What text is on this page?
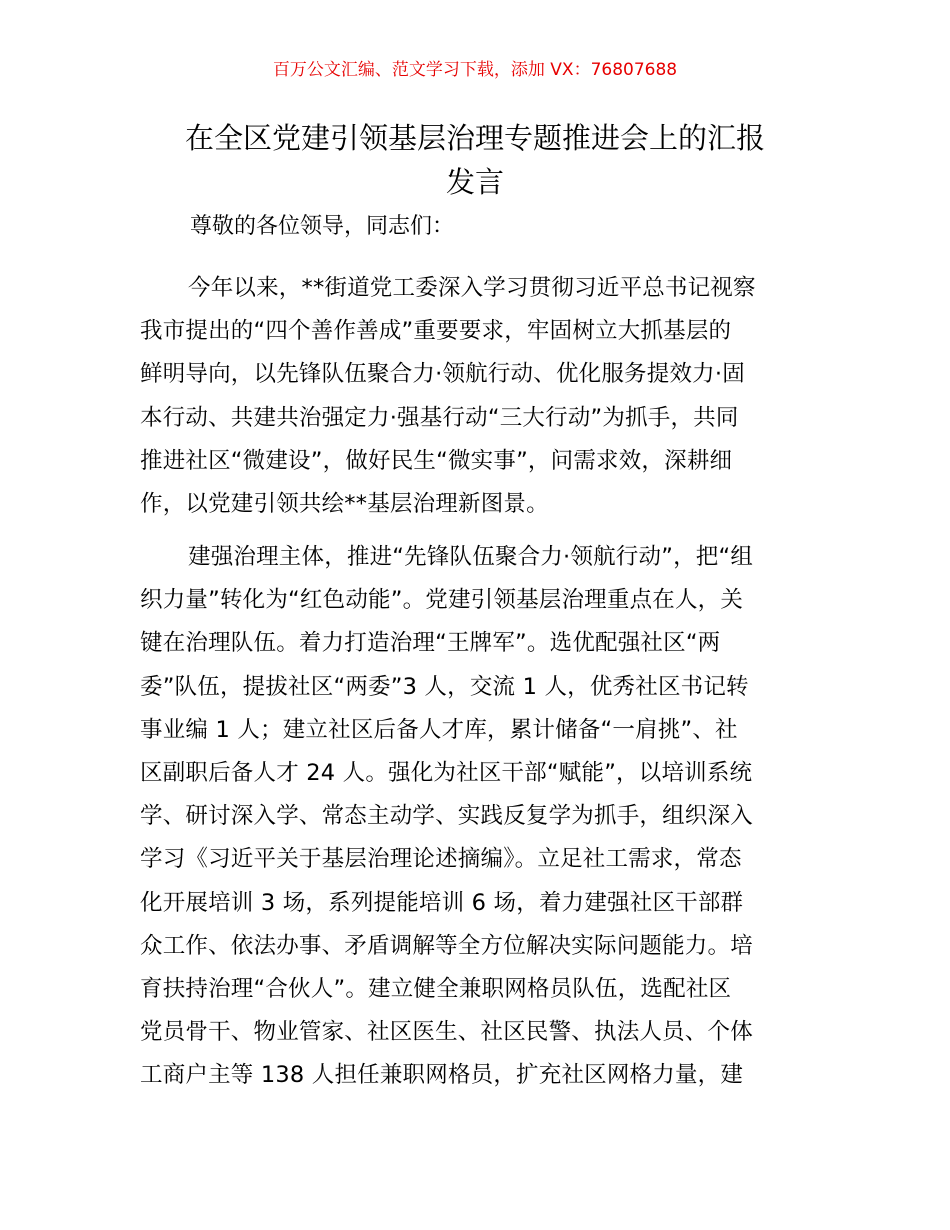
百万公文汇编、范文学习下载，添加 VX：76807688
在全区党建引领基层治理专题推进会上的汇报
发言

尊敬的各位领导，同志们：

今年以来，**街道党工委深入学习贯彻习近平总书记视察
我市提出的“四个善作善成”重要要求，牢固树立大抓基层的
鲜明导向，以先锋队伍聚合力·领航行动、优化服务提效力·固
本行动、共建共治强定力·强基行动“三大行动”为抓手，共同
推进社区“微建设”，做好民生“微实事”，问需求效，深耕细
作，以党建引领共绘**基层治理新图景。

建强治理主体，推进“先锋队伍聚合力·领航行动”，把“组
织力量”转化为“红色动能”。党建引领基层治理重点在人，关
键在治理队伍。着力打造治理“王牌军”。选优配强社区“两
委”队伍，提拔社区“两委”3 人，交流 1 人，优秀社区书记转
事业编 1 人；建立社区后备人才库，累计储备“一肩挑”、社
区副职后备人才 24 人。强化为社区干部“赋能”，以培训系统
学、研讨深入学、常态主动学、实践反复学为抓手，组织深入
学习《习近平关于基层治理论述摘编》。立足社工需求，常态
化开展培训 3 场，系列提能培训 6 场，着力建强社区干部群
众工作、依法办事、矛盾调解等全方位解决实际问题能力。培
育扶持治理“合伙人”。建立健全兼职网格员队伍，选配社区
党员骨干、物业管家、社区医生、社区民警、执法人员、个体
工商户主等 138 人担任兼职网格员，扩充社区网格力量，建
